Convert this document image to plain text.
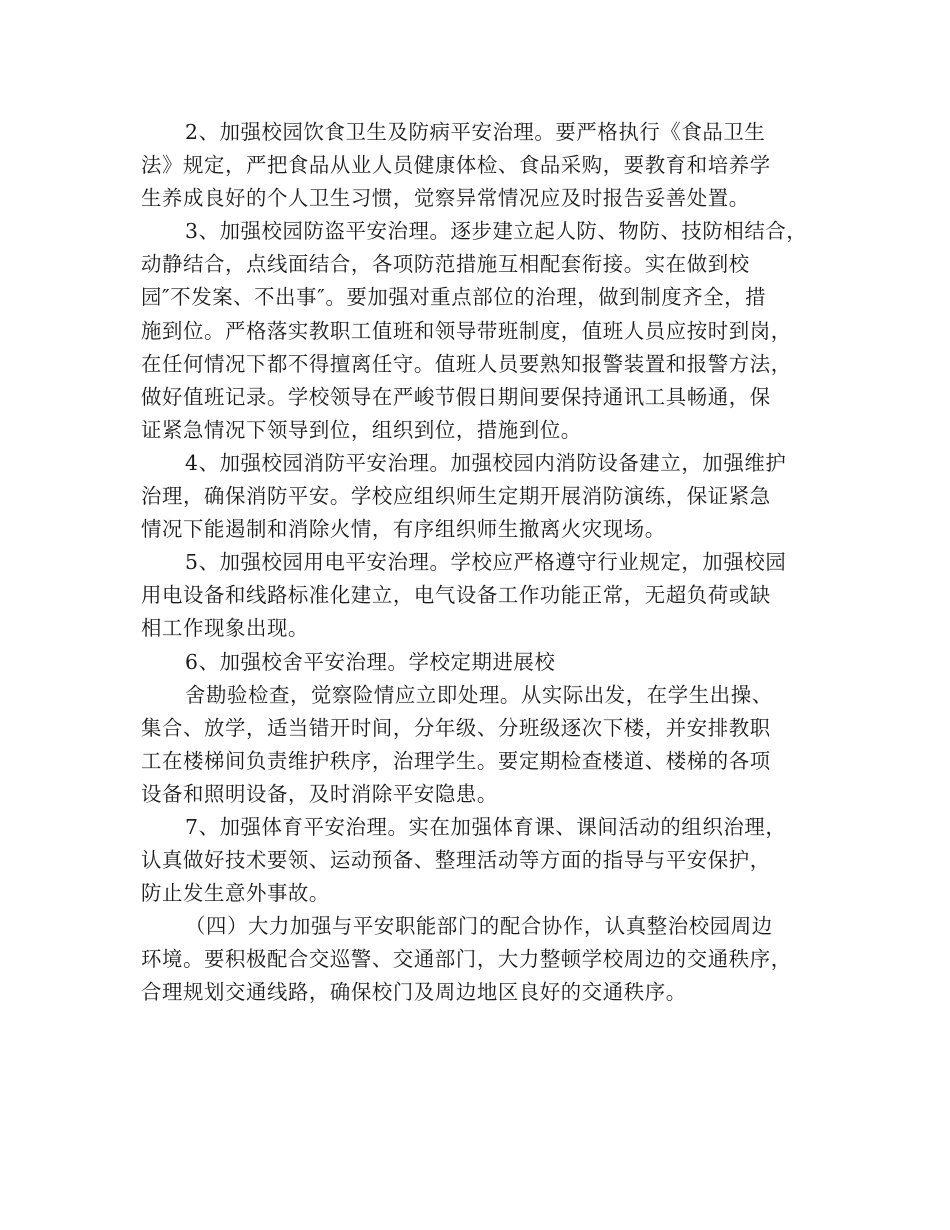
2、加强校园饮食卫生及防病平安治理。要严格执行《食品卫生
法》规定，严把食品从业人员健康体检、食品采购，要教育和培养学
生养成良好的个人卫生习惯，觉察异常情况应及时报告妥善处置。
3、加强校园防盗平安治理。逐步建立起人防、物防、技防相结合，
动静结合，点线面结合，各项防范措施互相配套衔接。实在做到校
园″不发案、不出事″。要加强对重点部位的治理，做到制度齐全，措
施到位。严格落实教职工值班和领导带班制度，值班人员应按时到岗，
在任何情况下都不得擅离任守。值班人员要熟知报警装置和报警方法，
做好值班记录。学校领导在严峻节假日期间要保持通讯工具畅通，保
证紧急情况下领导到位，组织到位，措施到位。
4、加强校园消防平安治理。加强校园内消防设备建立，加强维护
治理，确保消防平安。学校应组织师生定期开展消防演练，保证紧急
情况下能遏制和消除火情，有序组织师生撤离火灾现场。
5、加强校园用电平安治理。学校应严格遵守行业规定，加强校园
用电设备和线路标准化建立，电气设备工作功能正常，无超负荷或缺
相工作现象出现。
6、加强校舍平安治理。学校定期进展校
舍勘验检查，觉察险情应立即处理。从实际出发，在学生出操、
集合、放学，适当错开时间，分年级、分班级逐次下楼，并安排教职
工在楼梯间负责维护秩序，治理学生。要定期检查楼道、楼梯的各项
设备和照明设备，及时消除平安隐患。
7、加强体育平安治理。实在加强体育课、课间活动的组织治理，
认真做好技术要领、运动预备、整理活动等方面的指导与平安保护，
防止发生意外事故。
（四）大力加强与平安职能部门的配合协作，认真整治校园周边
环境。要积极配合交巡警、交通部门，大力整顿学校周边的交通秩序，
合理规划交通线路，确保校门及周边地区良好的交通秩序。
